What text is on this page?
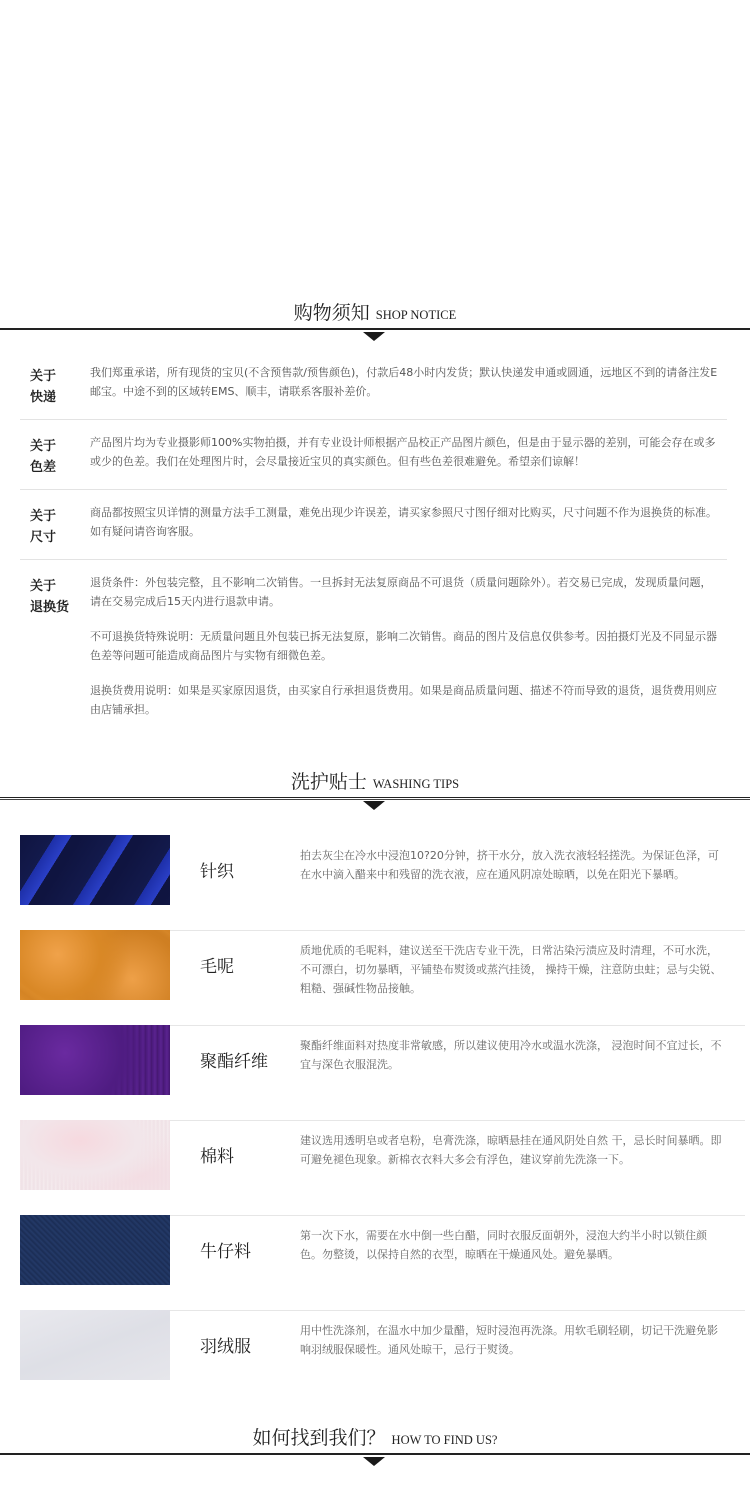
购物须知 SHOP NOTICE
关于
快递

我们郑重承诺，所有现货的宝贝(不含预售款/预售颜色)，付款后48小时内发货；默认快递发申通或圆通，远地区不到的请备注发E邮宝。中途不到的区域转EMS、顺丰，请联系客服补差价。

关于
色差

产品图片均为专业摄影师100%实物拍摄，并有专业设计师根据产品校正产品图片颜色，但是由于显示器的差别，可能会存在或多或少的色差。我们在处理图片时，会尽量接近宝贝的真实颜色。但有些色差很难避免。希望亲们谅解！

关于
尺寸

商品都按照宝贝详情的测量方法手工测量，难免出现少许误差，请买家参照尺寸图仔细对比购买，尺寸问题不作为退换货的标准。如有疑问请咨询客服。

关于
退换货

退货条件：外包装完整，且不影响二次销售。一旦拆封无法复原商品不可退货（质量问题除外）。若交易已完成，发现质量问题，请在交易完成后15天内进行退款申请。

不可退换货特殊说明：无质量问题且外包装已拆无法复原，影响二次销售。商品的图片及信息仅供参考。因拍摄灯光及不同显示器色差等问题可能造成商品图片与实物有细微色差。

退换货费用说明：如果是买家原因退货，由买家自行承担退货费用。如果是商品质量问题、描述不符而导致的退货，退货费用则应由店铺承担。

洗护贴士 WASHING TIPS
针织
拍去灰尘在冷水中浸泡10?20分钟，挤干水分，放入洗衣液轻轻搓洗。为保证色泽，可在水中滴入醋来中和残留的洗衣液，应在通风阴凉处晾晒，以免在阳光下暴晒。
毛呢
质地优质的毛呢料，建议送至干洗店专业干洗，日常沾染污渍应及时清理，不可水洗，不可漂白，切勿暴晒，平铺垫布熨烫或蒸汽挂烫， 操持干燥，注意防虫蛀；忌与尖锐、粗糙、强碱性物品接触。
聚酯纤维
聚酯纤维面料对热度非常敏感，所以建议使用冷水或温水洗涤， 浸泡时间不宜过长，不宜与深色衣服混洗。
棉料
建议选用透明皂或者皂粉，皂膏洗涤，晾晒悬挂在通风阴处自然 干，忌长时间暴晒。即可避免褪色现象。新棉衣衣料大多会有浮色，建议穿前先洗涤一下。
牛仔料
第一次下水，需要在水中倒一些白醋，同时衣服反面朝外，浸泡大约半小时以锁住颜色。勿整烫，以保持自然的衣型，晾晒在干燥通风处。避免暴晒。
羽绒服
用中性洗涤剂，在温水中加少量醋，短时浸泡再洗涤。用软毛刷轻刷，切记干洗避免影响羽绒服保暖性。通风处晾干，忌行于熨烫。
如何找到我们？ HOW TO FIND US?
